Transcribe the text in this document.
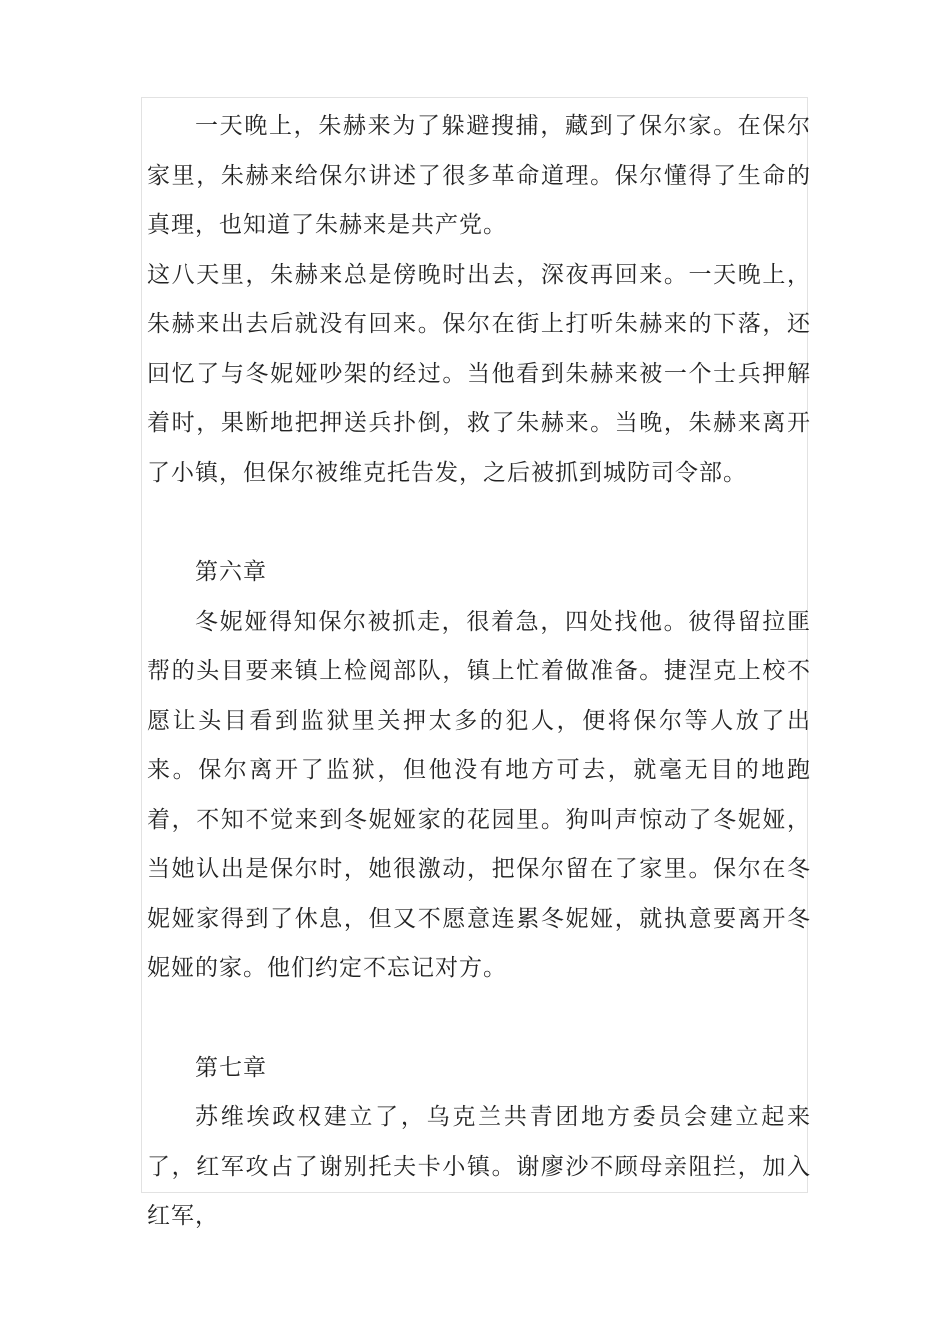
一天晚上，朱赫来为了躲避搜捕，藏到了保尔家。在保尔家里，朱赫来给保尔讲述了很多革命道理。保尔懂得了生命的真理，也知道了朱赫来是共产党。

这八天里，朱赫来总是傍晚时出去，深夜再回来。一天晚上，朱赫来出去后就没有回来。保尔在街上打听朱赫来的下落，还回忆了与冬妮娅吵架的经过。当他看到朱赫来被一个士兵押解着时，果断地把押送兵扑倒，救了朱赫来。当晚，朱赫来离开了小镇，但保尔被维克托告发，之后被抓到城防司令部。

第六章

冬妮娅得知保尔被抓走，很着急，四处找他。彼得留拉匪帮的头目要来镇上检阅部队，镇上忙着做准备。捷涅克上校不愿让头目看到监狱里关押太多的犯人，便将保尔等人放了出来。保尔离开了监狱，但他没有地方可去，就毫无目的地跑着，不知不觉来到冬妮娅家的花园里。狗叫声惊动了冬妮娅，当她认出是保尔时，她很激动，把保尔留在了家里。保尔在冬妮娅家得到了休息，但又不愿意连累冬妮娅，就执意要离开冬妮娅的家。他们约定不忘记对方。

第七章

苏维埃政权建立了，乌克兰共青团地方委员会建立起来了，红军攻占了谢别托夫卡小镇。谢廖沙不顾母亲阻拦，加入红军，
